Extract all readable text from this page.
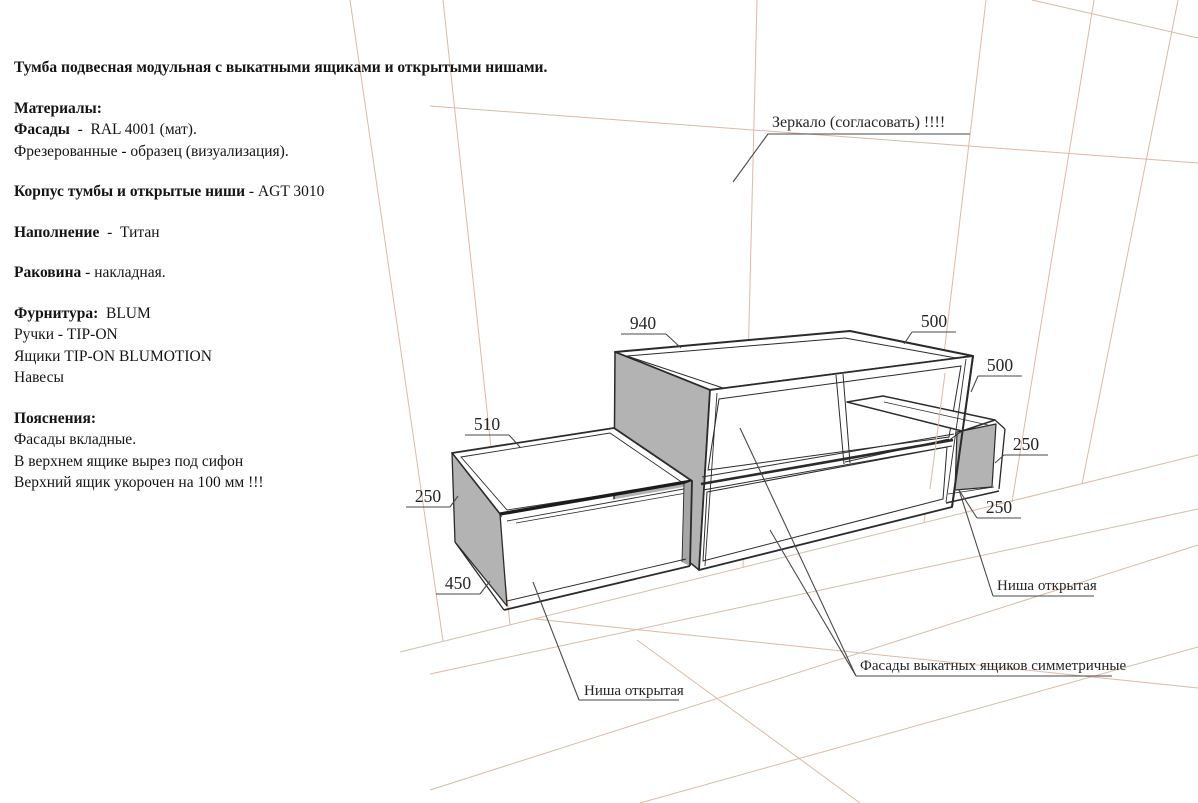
940	500
500
250
250
510
250
450
Зеркало (согласовать) !!!!
Ниша открытая
Ниша открытая
Фасады выкатных ящиков симметричные
Тумба подвесная модульная с выкатными ящиками и открытыми нишами.
Материалы:
Фасады  -  RAL 4001 (мат).
Фрезерованные - образец (визуализация).
Корпус тумбы и открытые ниши - AGT 3010
Наполнение  -  Титан
Раковина - накладная.
Фурнитура:  BLUM
Ручки - TIP-ON
Ящики TIP-ON BLUMOTION
Навесы
Пояснения:
Фасады вкладные.
В верхнем ящике вырез под сифон
Верхний ящик укорочен на 100 мм !!!
